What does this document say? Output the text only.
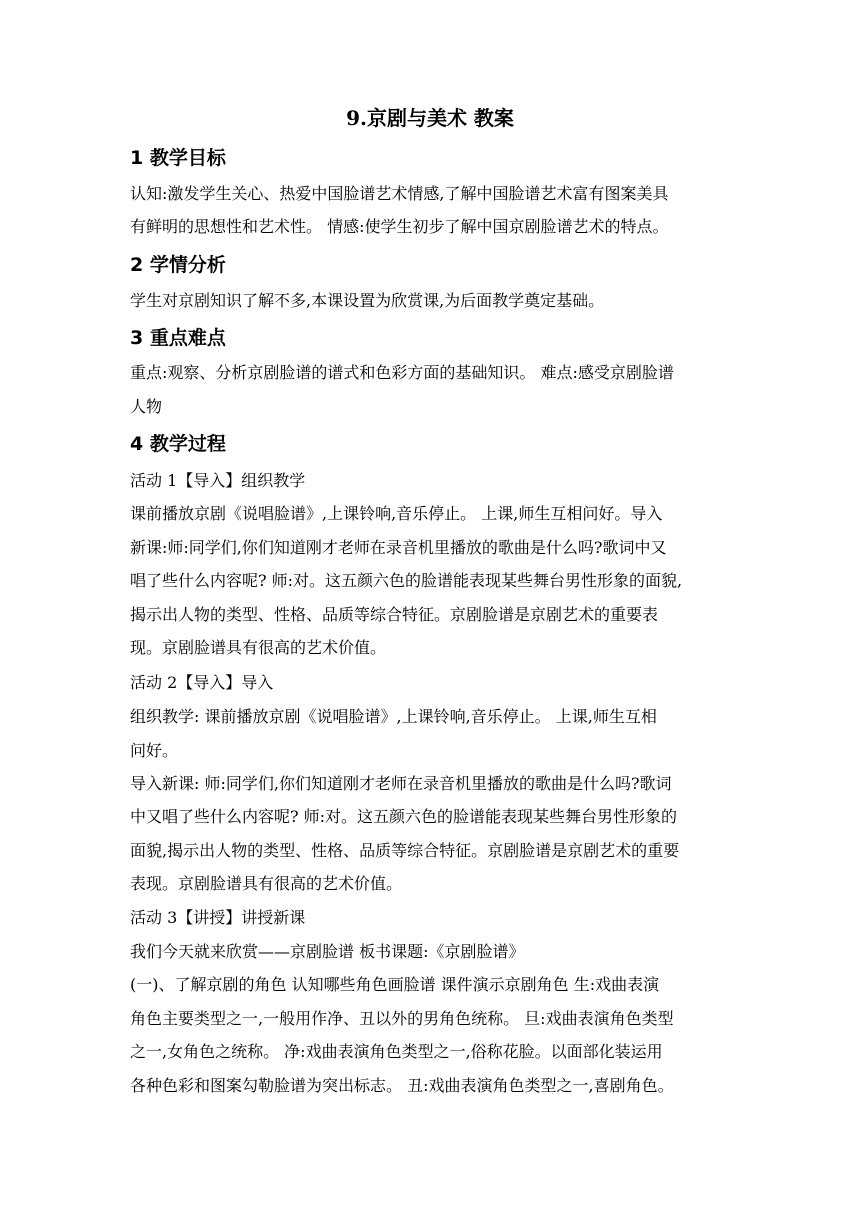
9.京剧与美术 教案
1 教学目标
认知:激发学生关心、热爱中国脸谱艺术情感,了解中国脸谱艺术富有图案美具
有鲜明的思想性和艺术性。 情感:使学生初步了解中国京剧脸谱艺术的特点。
2 学情分析
学生对京剧知识了解不多,本课设置为欣赏课,为后面教学奠定基础。
3 重点难点
重点:观察、分析京剧脸谱的谱式和色彩方面的基础知识。 难点:感受京剧脸谱
人物
4 教学过程
活动 1【导入】组织教学
课前播放京剧《说唱脸谱》,上课铃响,音乐停止。 上课,师生互相问好。导入
新课:师:同学们,你们知道刚才老师在录音机里播放的歌曲是什么吗?歌词中又
唱了些什么内容呢? 师:对。这五颜六色的脸谱能表现某些舞台男性形象的面貌,
揭示出人物的类型、性格、品质等综合特征。京剧脸谱是京剧艺术的重要表
现。京剧脸谱具有很高的艺术价值。
活动 2【导入】导入
组织教学: 课前播放京剧《说唱脸谱》,上课铃响,音乐停止。 上课,师生互相
问好。
导入新课: 师:同学们,你们知道刚才老师在录音机里播放的歌曲是什么吗?歌词
中又唱了些什么内容呢? 师:对。这五颜六色的脸谱能表现某些舞台男性形象的
面貌,揭示出人物的类型、性格、品质等综合特征。京剧脸谱是京剧艺术的重要
表现。京剧脸谱具有很高的艺术价值。
活动 3【讲授】讲授新课
我们今天就来欣赏——京剧脸谱 板书课题:《京剧脸谱》
(一)、了解京剧的角色 认知哪些角色画脸谱 课件演示京剧角色 生:戏曲表演
角色主要类型之一,一般用作净、丑以外的男角色统称。 旦:戏曲表演角色类型
之一,女角色之统称。 净:戏曲表演角色类型之一,俗称花脸。以面部化装运用
各种色彩和图案勾勒脸谱为突出标志。 丑:戏曲表演角色类型之一,喜剧角色。
